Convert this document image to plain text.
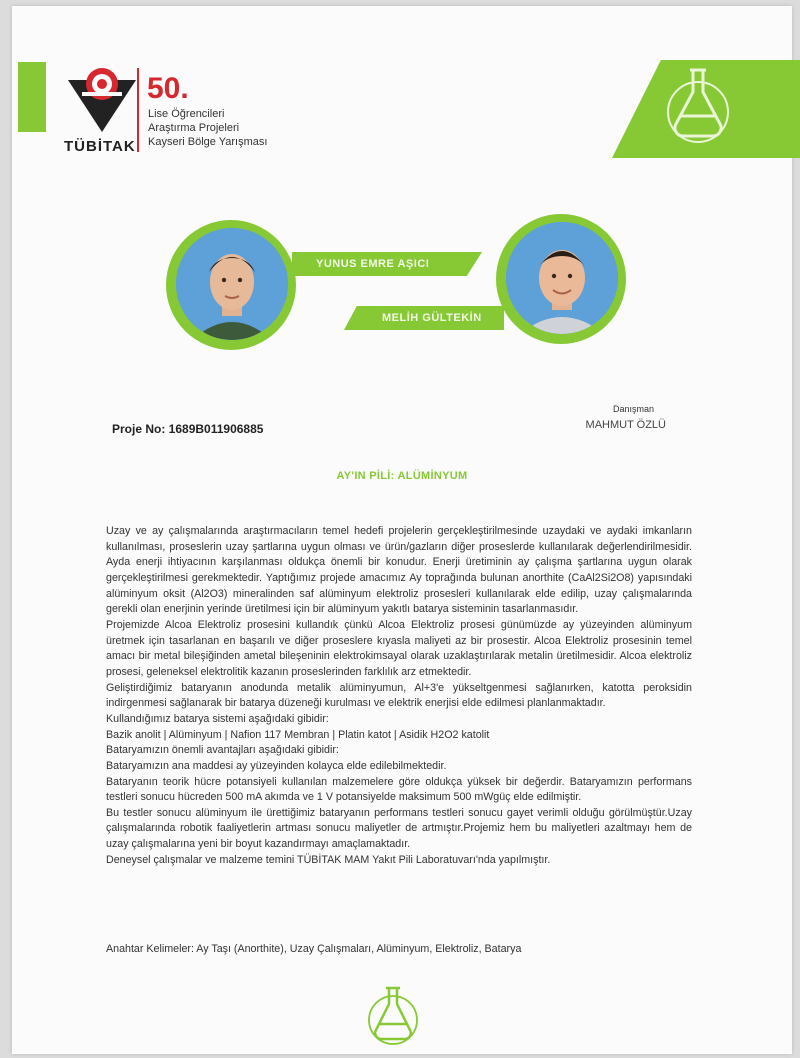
TÜBİTAK
50.
Lise Öğrencileri
Araştırma Projeleri
Kayseri Bölge Yarışması
YUNUS EMRE AŞICI
MELİH GÜLTEKİN
Proje No: 1689B011906885
Danışman
MAHMUT ÖZLÜ
AY'IN PİLİ: ALÜMİNYUM

Uzay ve ay çalışmalarında araştırmacıların temel hedefi projelerin gerçekleştirilmesinde uzaydaki ve aydaki imkanların kullanılması, proseslerin uzay şartlarına uygun olması ve ürün/gazların diğer proseslerde kullanılarak değerlendirilmesidir. Ayda enerji ihtiyacının karşılanması oldukça önemli bir konudur. Enerji üretiminin ay çalışma şartlarına uygun olarak gerçekleştirilmesi gerekmektedir. Yaptığımız projede amacımız Ay toprağında bulunan anorthite (CaAl2Si2O8) yapısındaki alüminyum oksit (Al2O3) mineralinden saf alüminyum elektroliz prosesleri kullanılarak elde edilip, uzay çalışmalarında gerekli olan enerjinin yerinde üretilmesi için bir alüminyum yakıtlı batarya sisteminin tasarlanmasıdır.

Projemizde Alcoa Elektroliz prosesini kullandık çünkü Alcoa Elektroliz prosesi günümüzde ay yüzeyinden alüminyum üretmek için tasarlanan en başarılı ve diğer proseslere kıyasla maliyeti az bir prosestir. Alcoa Elektroliz prosesinin temel amacı bir metal bileşiğinden ametal bileşeninin elektrokimsayal olarak uzaklaştırılarak metalin üretilmesidir. Alcoa elektroliz prosesi, geleneksel elektrolitik kazanın proseslerinden farklılık arz etmektedir.

Geliştirdiğimiz bataryanın anodunda metalik alüminyumun, Al+3'e yükseltgenmesi sağlanırken, katotta peroksidin indirgenmesi sağlanarak bir batarya düzeneği kurulması ve elektrik enerjisi elde edilmesi planlanmaktadır.

Kullandığımız batarya sistemi aşağıdaki gibidir:

Bazik anolit | Alüminyum | Nafion 117 Membran | Platin katot | Asidik H2O2 katolit

Bataryamızın önemli avantajları aşağıdaki gibidir:

Bataryamızın ana maddesi ay yüzeyinden kolayca elde edilebilmektedir.

Bataryanın teorik hücre potansiyeli kullanılan malzemelere göre oldukça yüksek bir değerdir. Bataryamızın performans testleri sonucu hücreden 500 mA akımda ve 1 V potansiyelde maksimum 500 mWgüç elde edilmiştir.

Bu testler sonucu alüminyum ile ürettiğimiz bataryanın performans testleri sonucu gayet verimli olduğu görülmüştür.Uzay çalışmalarında robotik faaliyetlerin artması sonucu maliyetler de artmıştır.Projemiz hem bu maliyetleri azaltmayı hem de uzay çalışmalarına yeni bir boyut kazandırmayı amaçlamaktadır.

Deneysel çalışmalar ve malzeme temini TÜBİTAK MAM Yakıt Pili Laboratuvarı'nda yapılmıştır.

Anahtar Kelimeler: Ay Taşı (Anorthite), Uzay Çalışmaları, Alüminyum, Elektroliz, Batarya
